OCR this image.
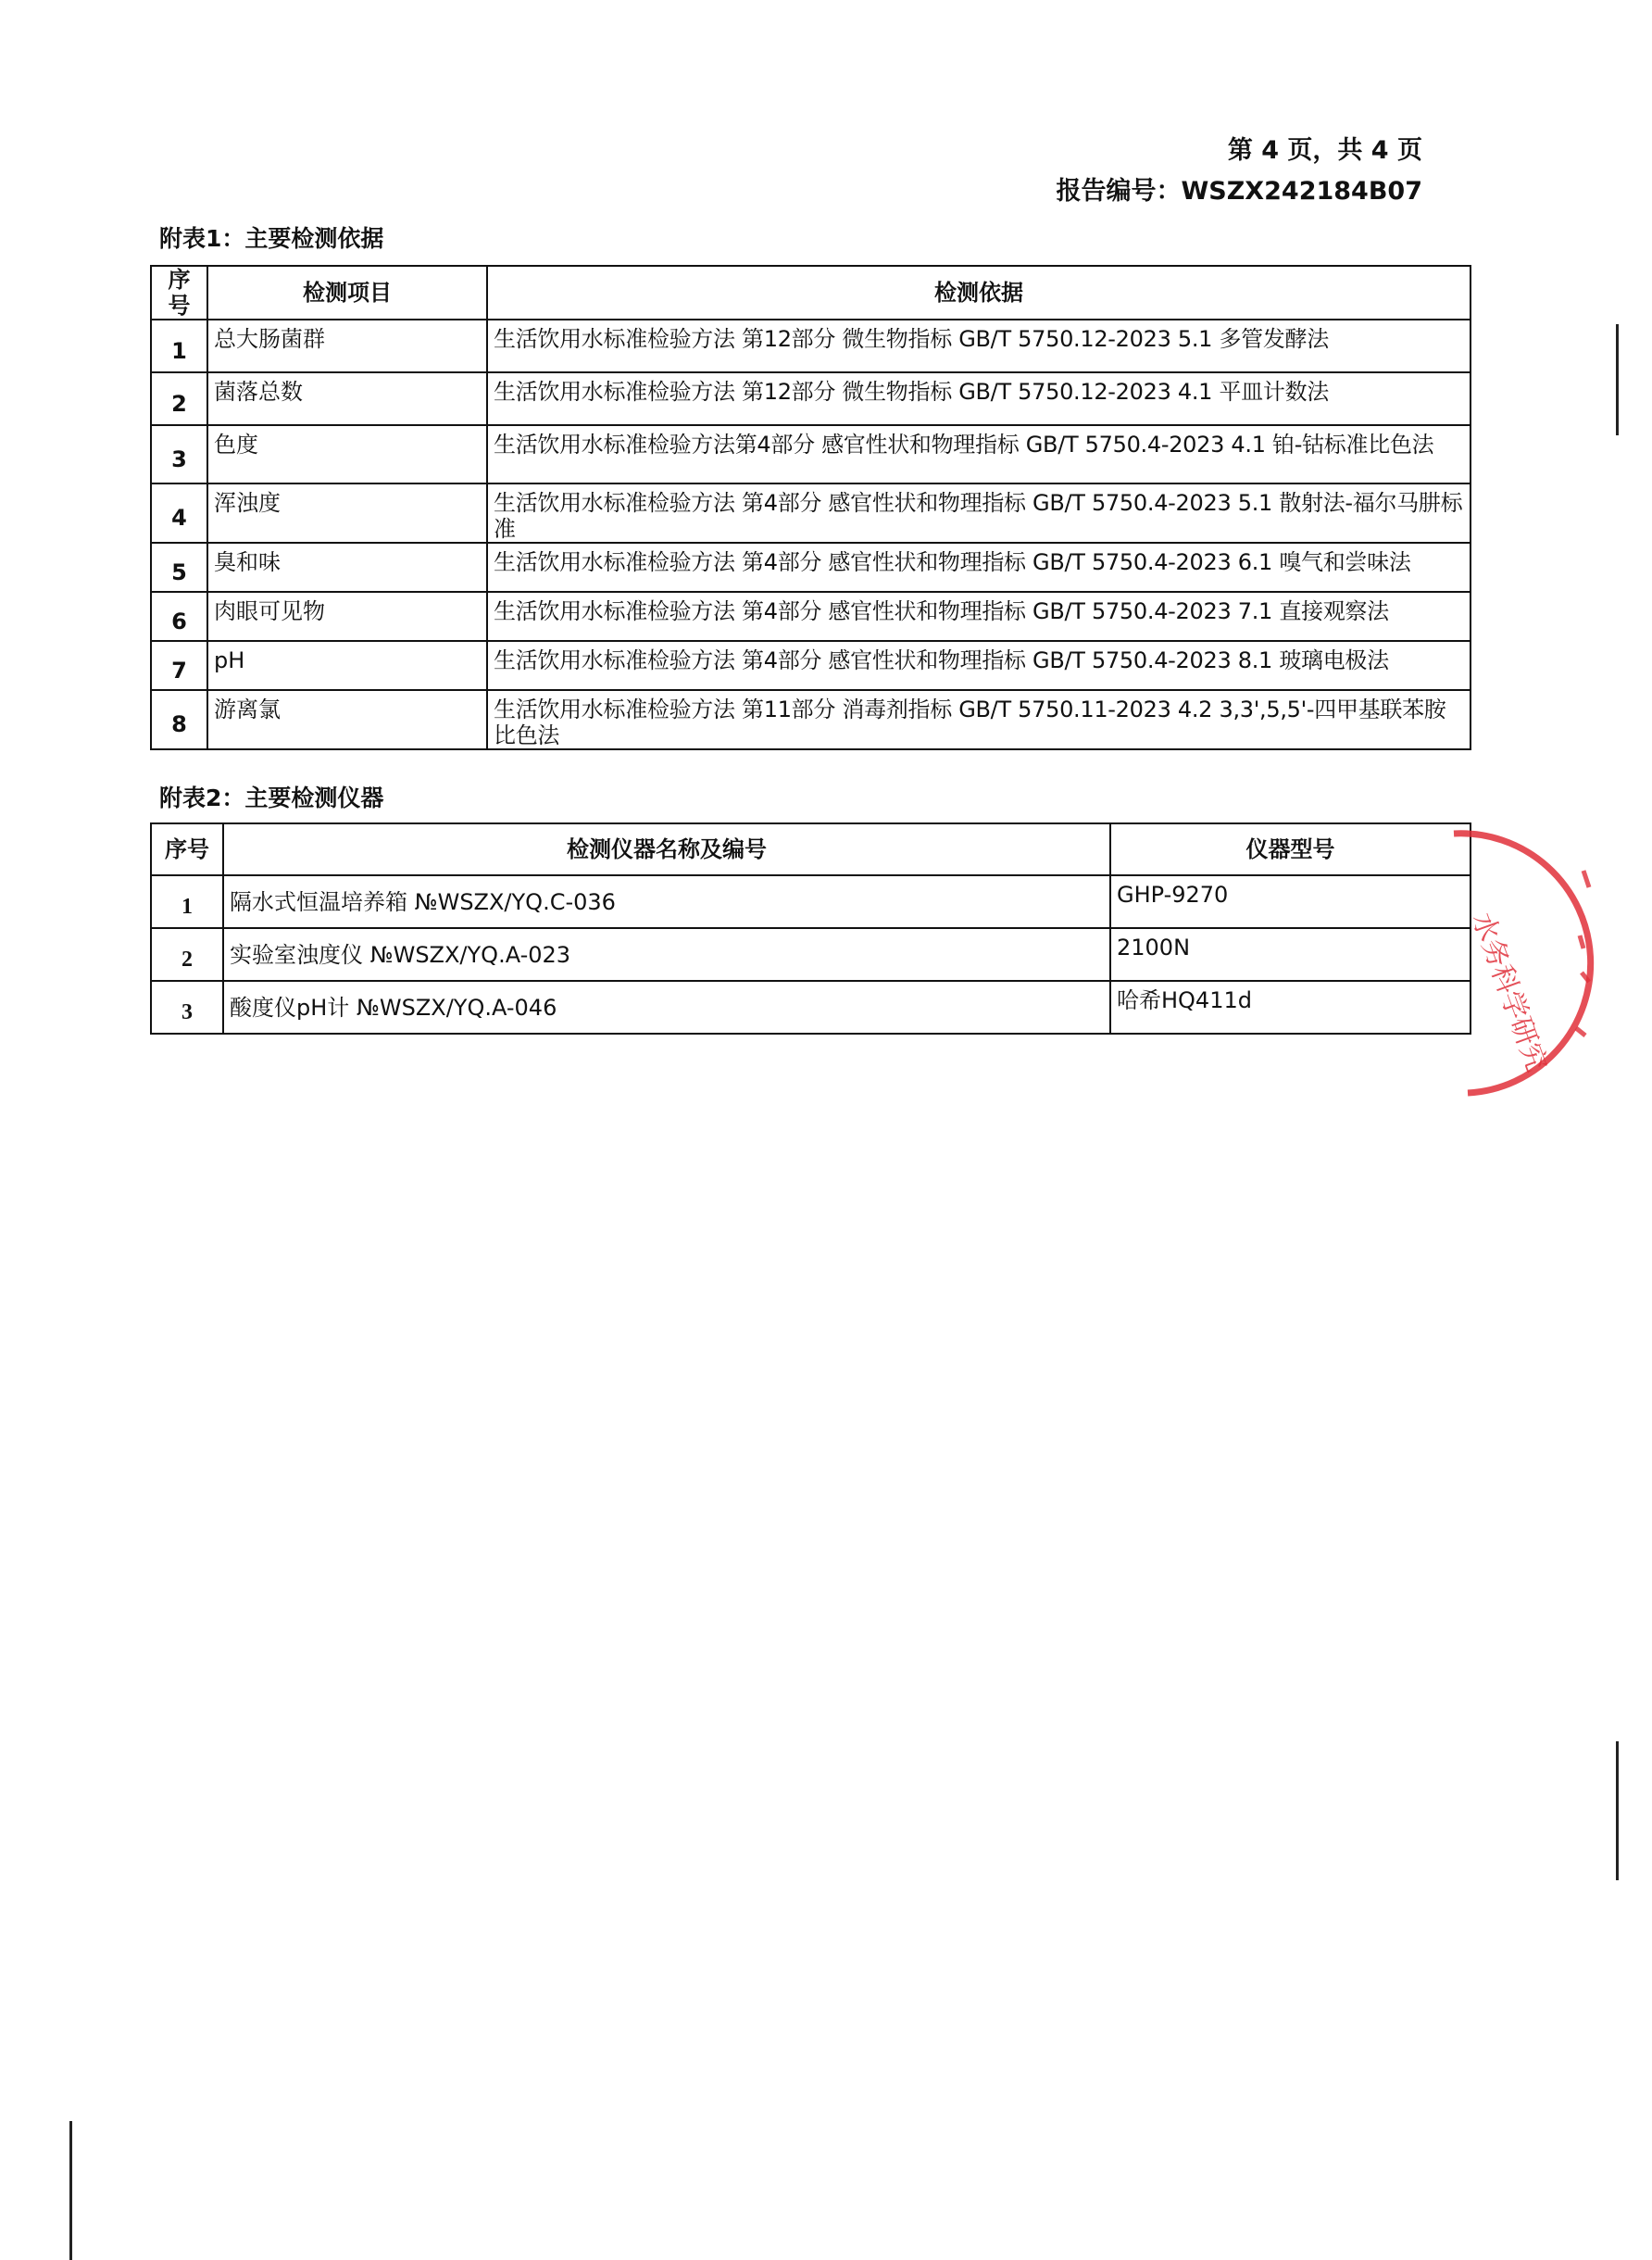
第 4 页，共 4 页
报告编号：WSZX242184B07
附表1：主要检测依据
序号	检测项目	检测依据
1	总大肠菌群	生活饮用水标准检验方法 第12部分 微生物指标 GB/T 5750.12-2023 5.1 多管发酵法
2	菌落总数	生活饮用水标准检验方法 第12部分 微生物指标 GB/T 5750.12-2023 4.1 平皿计数法
3	色度	生活饮用水标准检验方法第4部分 感官性状和物理指标 GB/T 5750.4-2023 4.1 铂-钴标准比色法
4	浑浊度	生活饮用水标准检验方法 第4部分 感官性状和物理指标 GB/T 5750.4-2023 5.1 散射法-福尔马肼标准
5	臭和味	生活饮用水标准检验方法 第4部分 感官性状和物理指标 GB/T 5750.4-2023 6.1 嗅气和尝味法
6	肉眼可见物	生活饮用水标准检验方法 第4部分 感官性状和物理指标 GB/T 5750.4-2023 7.1 直接观察法
7	pH	生活饮用水标准检验方法 第4部分 感官性状和物理指标 GB/T 5750.4-2023 8.1 玻璃电极法
8	游离氯	生活饮用水标准检验方法 第11部分 消毒剂指标 GB/T 5750.11-2023 4.2 3,3',5,5'-四甲基联苯胺比色法
附表2：主要检测仪器
序号	检测仪器名称及编号	仪器型号
1	隔水式恒温培养箱 №WSZX/YQ.C-036	GHP-9270
2	实验室浊度仪 №WSZX/YQ.A-023	2100N
3	酸度仪pH计 №WSZX/YQ.A-046	哈希HQ411d	水务科学研究
